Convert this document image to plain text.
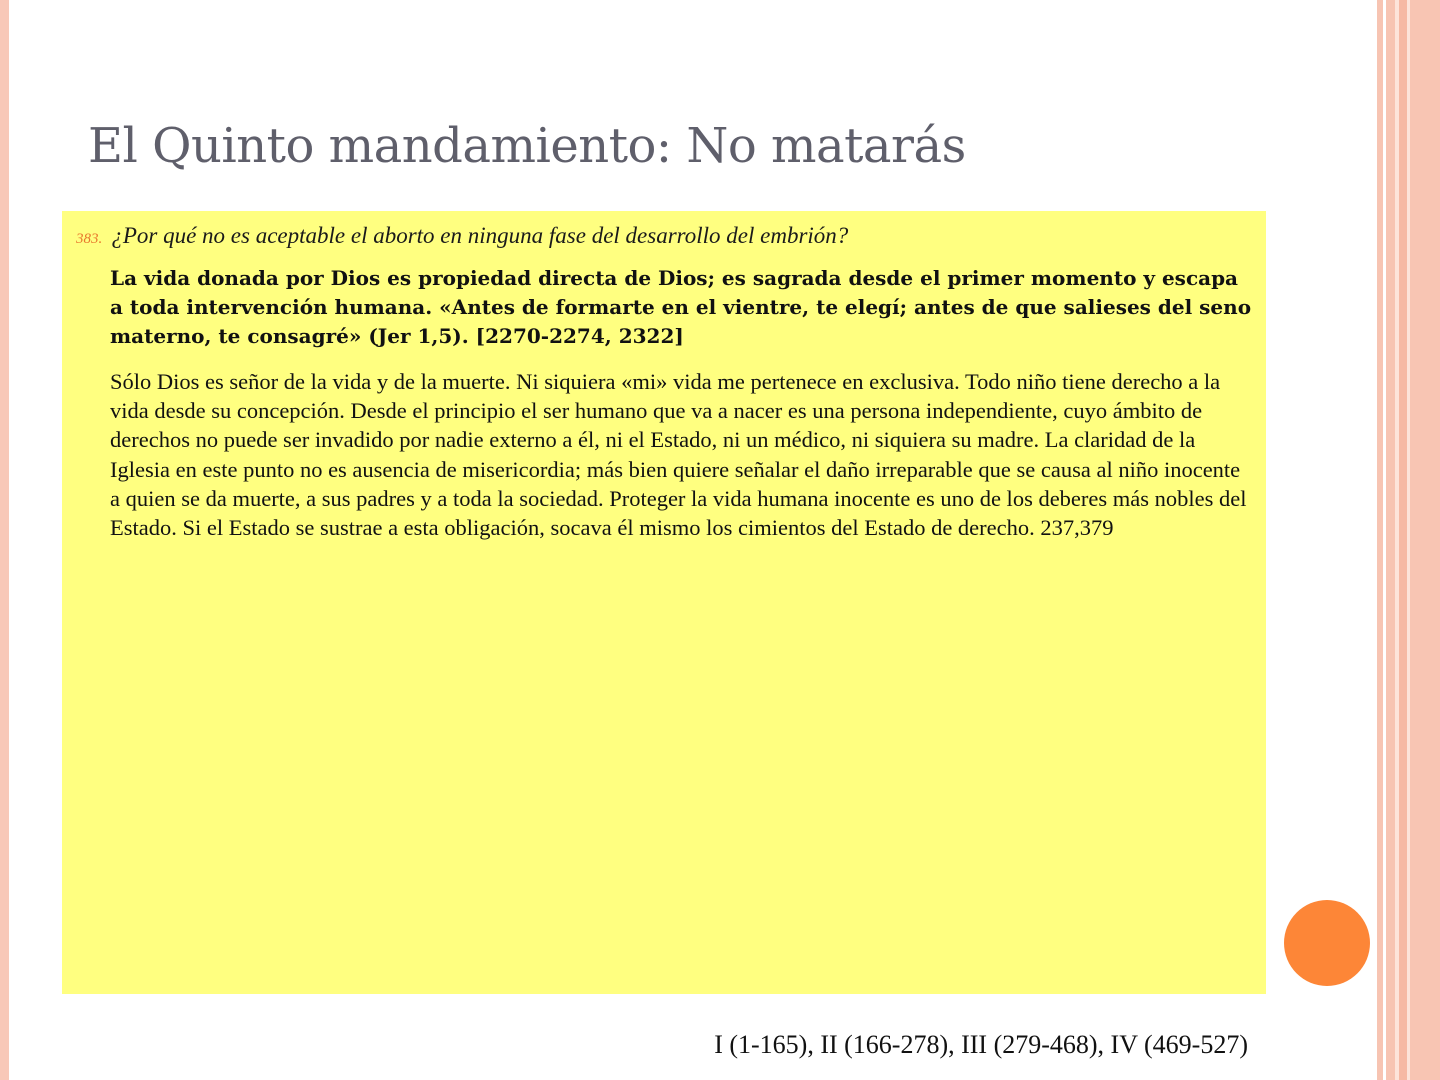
El Quinto mandamiento: No matarás
383. ¿Por qué no es aceptable el aborto en ninguna fase del desarrollo del embrión?

La vida donada por Dios es propiedad directa de Dios; es sagrada desde el primer momento y escapa a toda intervención humana. «Antes de formarte en el vientre, te elegí; antes de que salieses del seno materno, te consagré» (Jer 1,5). [2270-2274, 2322]

Sólo Dios es señor de la vida y de la muerte. Ni siquiera «mi» vida me pertenece en exclusiva. Todo niño tiene derecho a la vida desde su concepción. Desde el principio el ser humano que va a nacer es una persona independiente, cuyo ámbito de derechos no puede ser invadido por nadie externo a él, ni el Estado, ni un médico, ni siquiera su madre. La claridad de la Iglesia en este punto no es ausencia de misericordia; más bien quiere señalar el daño irreparable que se causa al niño inocente a quien se da muerte, a sus padres y a toda la sociedad. Proteger la vida humana inocente es uno de los deberes más nobles del Estado. Si el Estado se sustrae a esta obligación, socava él mismo los cimientos del Estado de derecho. 237,379

I (1-165), II (166-278), III (279-468), IV (469-527)
